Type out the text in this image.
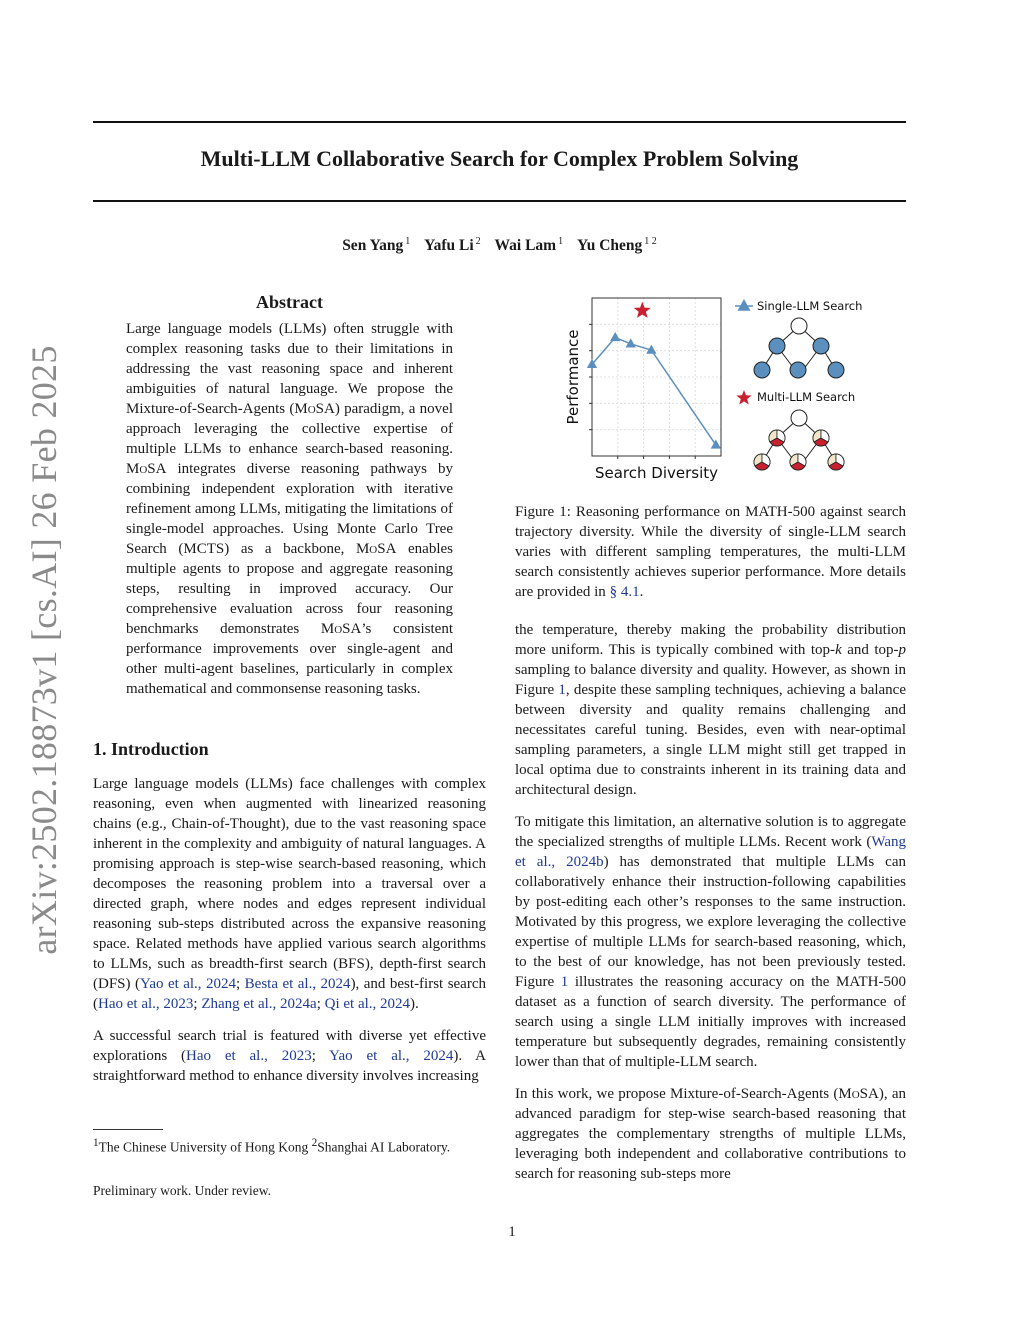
Multi-LLM Collaborative Search for Complex Problem Solving
Sen Yang $^1$ Yafu Li $^2$ Wai Lam $^1$ Yu Cheng $^{1 2}$
arXiv:2502.18873v1 [cs.AI] 26 Feb 2025
Abstract
Large language models (LLMs) often struggle with complex reasoning tasks due to their limitations in addressing the vast reasoning space and inherent ambiguities of natural language. We propose the Mixture-of-Search-Agents (MoSA) paradigm, a novel approach leveraging the collective expertise of multiple LLMs to enhance search-based reasoning. MoSA integrates diverse reasoning pathways by combining independent exploration with iterative refinement among LLMs, mitigating the limitations of single-model approaches. Using Monte Carlo Tree Search (MCTS) as a backbone, MoSA enables multiple agents to propose and aggregate reasoning steps, resulting in improved accuracy. Our comprehensive evaluation across four reasoning benchmarks demonstrates MoSA’s consistent performance improvements over single-agent and other multi-agent baselines, particularly in complex mathematical and commonsense reasoning tasks.
1. Introduction

Large language models (LLMs) face challenges with complex reasoning, even when augmented with linearized reasoning chains (e.g., Chain-of-Thought), due to the vast reasoning space inherent in the complexity and ambiguity of natural languages. A promising approach is step-wise search-based reasoning, which decomposes the reasoning problem into a traversal over a directed graph, where nodes and edges represent individual reasoning sub-steps distributed across the expansive reasoning space. Related methods have applied various search algorithms to LLMs, such as breadth-first search (BFS), depth-first search (DFS) (Yao et al., 2024; Besta et al., 2024), and best-first search (Hao et al., 2023; Zhang et al., 2024a; Qi et al., 2024).

A successful search trial is featured with diverse yet effective explorations (Hao et al., 2023; Yao et al., 2024). A straightforward method to enhance diversity involves increasing

$^1$The Chinese University of Hong Kong $^2$Shanghai AI Laboratory.
Preliminary work. Under review.
Performance
Search Diversity
Single-LLM Search
Multi-LLM Search
Figure 1: Reasoning performance on MATH-500 against search trajectory diversity. While the diversity of single-LLM search varies with different sampling temperatures, the multi-LLM search consistently achieves superior performance. More details are provided in § 4.1.

the temperature, thereby making the probability distribution more uniform. This is typically combined with top-k and top-p sampling to balance diversity and quality. However, as shown in Figure 1, despite these sampling techniques, achieving a balance between diversity and quality remains challenging and necessitates careful tuning. Besides, even with near-optimal sampling parameters, a single LLM might still get trapped in local optima due to constraints inherent in its training data and architectural design.

To mitigate this limitation, an alternative solution is to aggregate the specialized strengths of multiple LLMs. Recent work (Wang et al., 2024b) has demonstrated that multiple LLMs can collaboratively enhance their instruction-following capabilities by post-editing each other’s responses to the same instruction. Motivated by this progress, we explore leveraging the collective expertise of multiple LLMs for search-based reasoning, which, to the best of our knowledge, has not been previously tested. Figure 1 illustrates the reasoning accuracy on the MATH-500 dataset as a function of search diversity. The performance of search using a single LLM initially improves with increased temperature but subsequently degrades, remaining consistently lower than that of multiple-LLM search.

In this work, we propose Mixture-of-Search-Agents (MoSA), an advanced paradigm for step-wise search-based reasoning that aggregates the complementary strengths of multiple LLMs, leveraging both independent and collaborative contributions to search for reasoning sub-steps more

1
